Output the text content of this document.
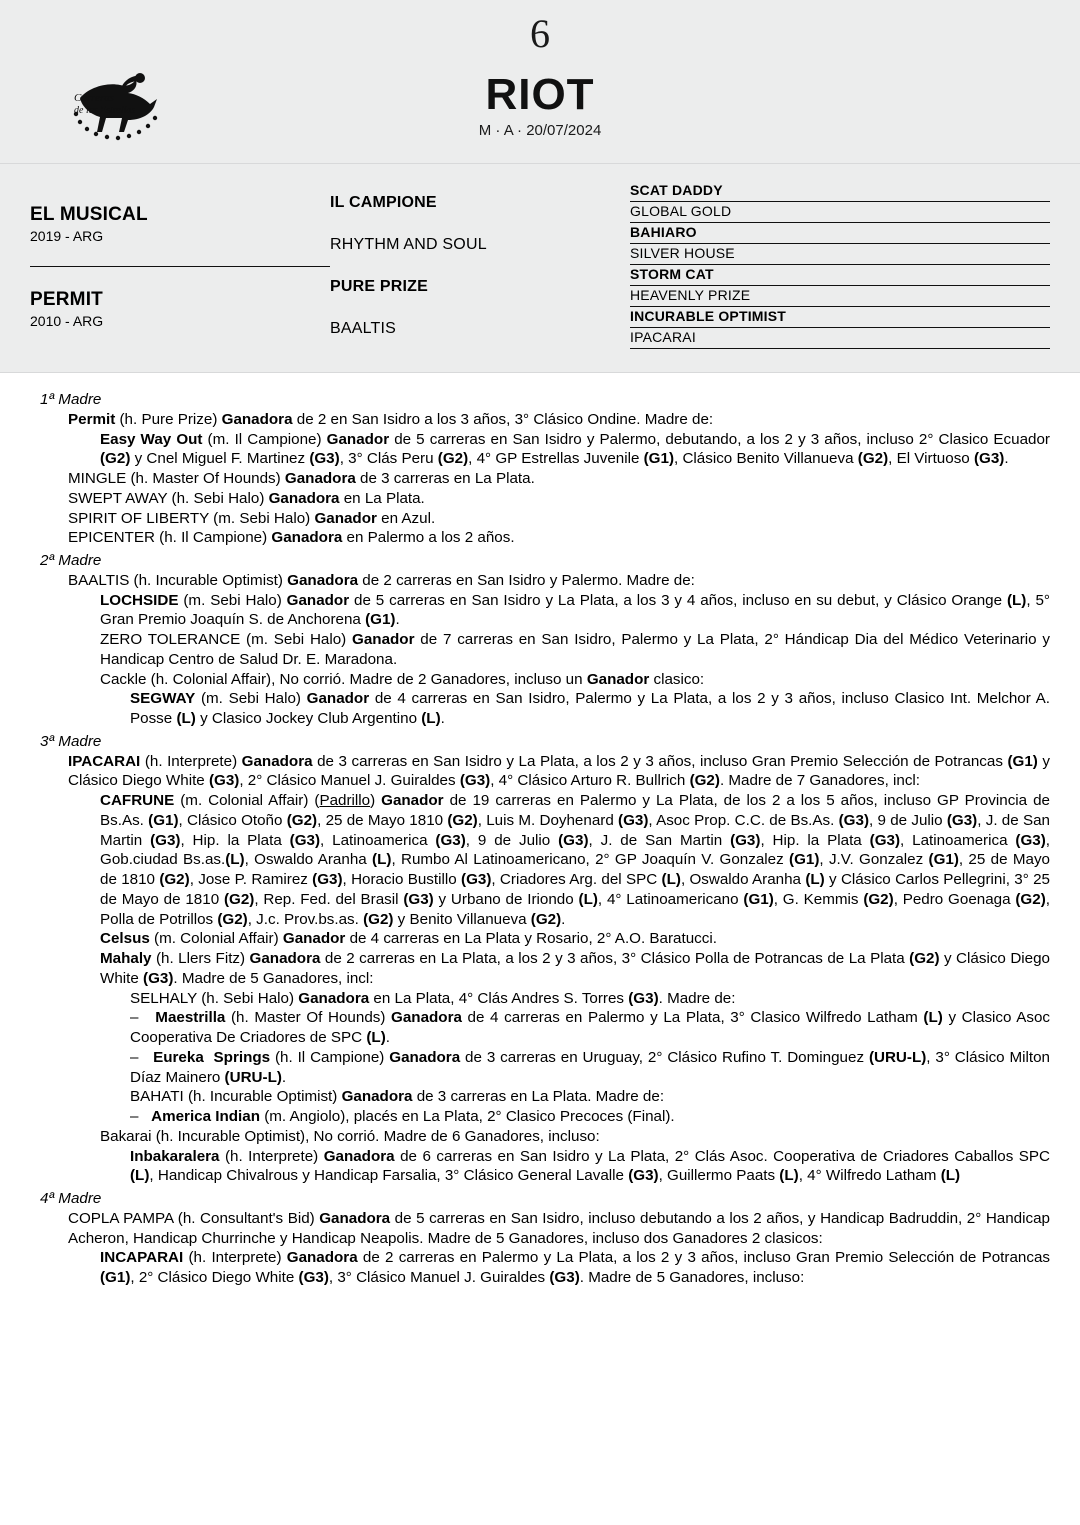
Carreras
de las Estrellas
6
RIOT
M · A · 20/07/2024
EL MUSICAL
2019 - ARG
PERMIT
2010 - ARG
IL CAMPIONE
RHYTHM AND SOUL
PURE PRIZE
BAALTIS
SCAT DADDY
GLOBAL GOLD
BAHIARO
SILVER HOUSE
STORM CAT
HEAVENLY PRIZE
INCURABLE OPTIMIST
IPACARAI
1ª Madre

Permit (h. Pure Prize) Ganadora de 2 en San Isidro a los 3 años, 3° Clásico Ondine. Madre de:

Easy Way Out (m. Il Campione) Ganador de 5 carreras en San Isidro y Palermo, debutando, a los 2 y 3 años, incluso 2° Clasico Ecuador (G2) y Cnel Miguel F. Martinez (G3), 3° Clás Peru (G2), 4° GP Estrellas Juvenile (G1), Clásico Benito Villanueva (G2), El Virtuoso (G3).

MINGLE (h. Master Of Hounds) Ganadora de 3 carreras en La Plata.

SWEPT AWAY (h. Sebi Halo) Ganadora en La Plata.

SPIRIT OF LIBERTY (m. Sebi Halo) Ganador en Azul.

EPICENTER (h. Il Campione) Ganadora en Palermo a los 2 años.

2ª Madre

BAALTIS (h. Incurable Optimist) Ganadora de 2 carreras en San Isidro y Palermo. Madre de:

LOCHSIDE (m. Sebi Halo) Ganador de 5 carreras en San Isidro y La Plata, a los 3 y 4 años, incluso en su debut, y Clásico Orange (L), 5° Gran Premio Joaquín S. de Anchorena (G1).

ZERO TOLERANCE (m. Sebi Halo) Ganador de 7 carreras en San Isidro, Palermo y La Plata, 2° Hándicap Dia del Médico Veterinario y Handicap Centro de Salud Dr. E. Maradona.

Cackle (h. Colonial Affair), No corrió. Madre de 2 Ganadores, incluso un Ganador clasico:

SEGWAY (m. Sebi Halo) Ganador de 4 carreras en San Isidro, Palermo y La Plata, a los 2 y 3 años, incluso Clasico Int. Melchor A. Posse (L) y Clasico Jockey Club Argentino (L).

3ª Madre

IPACARAI (h. Interprete) Ganadora de 3 carreras en San Isidro y La Plata, a los 2 y 3 años, incluso Gran Premio Selección de Potrancas (G1) y Clásico Diego White (G3), 2° Clásico Manuel J. Guiraldes (G3), 4° Clásico Arturo R. Bullrich (G2). Madre de 7 Ganadores, incl:

CAFRUNE (m. Colonial Affair) (Padrillo) Ganador de 19 carreras en Palermo y La Plata, de los 2 a los 5 años, incluso GP Provincia de Bs.As. (G1), Clásico Otoño (G2), 25 de Mayo 1810 (G2), Luis M. Doyhenard (G3), Asoc Prop. C.C. de Bs.As. (G3), 9 de Julio (G3), J. de San Martin (G3), Hip. la Plata (G3), Latinoamerica (G3), 9 de Julio (G3), J. de San Martin (G3), Hip. la Plata (G3), Latinoamerica (G3), Gob.ciudad Bs.as.(L), Oswaldo Aranha (L), Rumbo Al Latinoamericano, 2° GP Joaquín V. Gonzalez (G1), J.V. Gonzalez (G1), 25 de Mayo de 1810 (G2), Jose P. Ramirez (G3), Horacio Bustillo (G3), Criadores Arg. del SPC (L), Oswaldo Aranha (L) y Clásico Carlos Pellegrini, 3° 25 de Mayo de 1810 (G2), Rep. Fed. del Brasil (G3) y Urbano de Iriondo (L), 4° Latinoamericano (G1), G. Kemmis (G2), Pedro Goenaga (G2), Polla de Potrillos (G2), J.c. Prov.bs.as. (G2) y Benito Villanueva (G2).

Celsus (m. Colonial Affair) Ganador de 4 carreras en La Plata y Rosario, 2° A.O. Baratucci.

Mahaly (h. Llers Fitz) Ganadora de 2 carreras en La Plata, a los 2 y 3 años, 3° Clásico Polla de Potrancas de La Plata (G2) y Clásico Diego White (G3). Madre de 5 Ganadores, incl:

SELHALY (h. Sebi Halo) Ganadora en La Plata, 4° Clás Andres S. Torres (G3). Madre de:

–   Maestrilla (h. Master Of Hounds) Ganadora de 4 carreras en Palermo y La Plata, 3° Clasico Wilfredo Latham (L) y Clasico Asoc Cooperativa De Criadores de SPC (L).

–   Eureka  Springs (h. Il Campione) Ganadora de 3 carreras en Uruguay, 2° Clásico Rufino T. Dominguez (URU-L), 3° Clásico Milton Díaz Mainero (URU-L).

BAHATI (h. Incurable Optimist) Ganadora de 3 carreras en La Plata. Madre de:

–   America Indian (m. Angiolo), placés en La Plata, 2° Clasico Precoces (Final).

Bakarai (h. Incurable Optimist), No corrió. Madre de 6 Ganadores, incluso:

Inbakaralera (h. Interprete) Ganadora de 6 carreras en San Isidro y La Plata, 2° Clás Asoc. Cooperativa de Criadores Caballos SPC (L), Handicap Chivalrous y Handicap Farsalia, 3° Clásico General Lavalle (G3), Guillermo Paats (L), 4° Wilfredo Latham (L)

4ª Madre

COPLA PAMPA (h. Consultant's Bid) Ganadora de 5 carreras en San Isidro, incluso debutando a los 2 años, y Handicap Badruddin, 2° Handicap Acheron, Handicap Churrinche y Handicap Neapolis. Madre de 5 Ganadores, incluso dos Ganadores 2 clasicos:

INCAPARAI (h. Interprete) Ganadora de 2 carreras en Palermo y La Plata, a los 2 y 3 años, incluso Gran Premio Selección de Potrancas (G1), 2° Clásico Diego White (G3), 3° Clásico Manuel J. Guiraldes (G3). Madre de 5 Ganadores, incluso:
